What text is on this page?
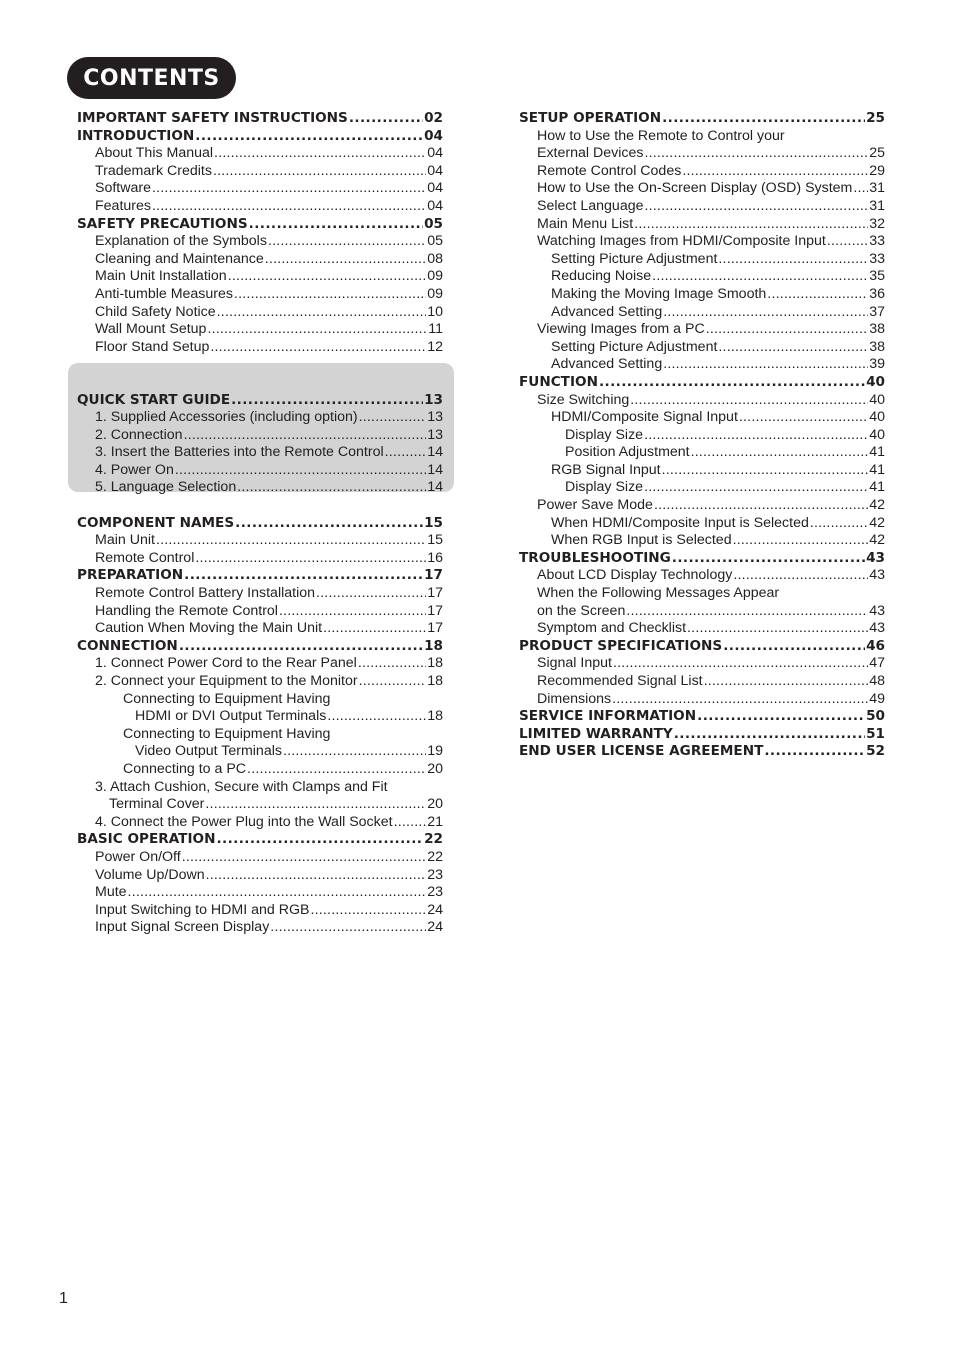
CONTENTS
IMPORTANT SAFETY INSTRUCTIONS .....	02
INTRODUCTION .....	04
About This Manual .....	04
Trademark Credits .....	04
Software .....	04
Features .....	04
SAFETY PRECAUTIONS .....	05
Explanation of the Symbols .....	05
Cleaning and Maintenance .....	08
Main Unit Installation .....	09
Anti-tumble Measures .....	09
Child Safety Notice .....	10
Wall Mount Setup .....	11
Floor Stand Setup .....	12
QUICK START GUIDE .....	13
1. Supplied Accessories (including option) .....	13
2. Connection .....	13
3. Insert the Batteries into the Remote Control .....	14
4. Power On .....	14
5. Language Selection .....	14
COMPONENT NAMES .....	15
Main Unit .....	15
Remote Control .....	16
PREPARATION .....	17
Remote Control Battery Installation .....	17
Handling the Remote Control .....	17
Caution When Moving the Main Unit .....	17
CONNECTION .....	18
1. Connect Power Cord to the Rear Panel .....	18
2. Connect your Equipment to the Monitor .....	18
Connecting to Equipment Having
HDMI or DVI Output Terminals .....	18
Connecting to Equipment Having
Video Output Terminals .....	19
Connecting to a PC .....	20
3. Attach Cushion, Secure with Clamps and Fit
Terminal Cover .....	20
4. Connect the Power Plug into the Wall Socket ..... 21
BASIC OPERATION .....	22
Power On/Off .....	22
Volume Up/Down .....	23
Mute .....	23
Input Switching to HDMI and RGB .....	24
Input Signal Screen Display .....	24
SETUP OPERATION .....	25
How to Use the Remote to Control your
External Devices .....	25
Remote Control Codes .....	29
How to Use the On-Screen Display (OSD) System ..... 31
Select Language .....	31
Main Menu List .....	32
Watching Images from HDMI/Composite Input .....	33
Setting Picture Adjustment .....	33
Reducing Noise .....	35
Making the Moving Image Smooth .....	36
Advanced Setting .....	37
Viewing Images from a PC .....	38
Setting Picture Adjustment .....	38
Advanced Setting .....	39
FUNCTION .....	40
Size Switching .....	40
HDMI/Composite Signal Input .....	40
Display Size .....	40
Position Adjustment .....	41
RGB Signal Input .....	41
Display Size .....	41
Power Save Mode .....	42
When HDMI/Composite Input is Selected .....	42
When RGB Input is Selected .....	42
TROUBLESHOOTING .....	43
About LCD Display Technology .....	43
When the Following Messages Appear
on the Screen .....	43
Symptom and Checklist .....	43
PRODUCT SPECIFICATIONS .....	46
Signal Input .....	47
Recommended Signal List .....	48
Dimensions .....	49
SERVICE INFORMATION .....	50
LIMITED WARRANTY .....	51
END USER LICENSE AGREEMENT .....	52
1
